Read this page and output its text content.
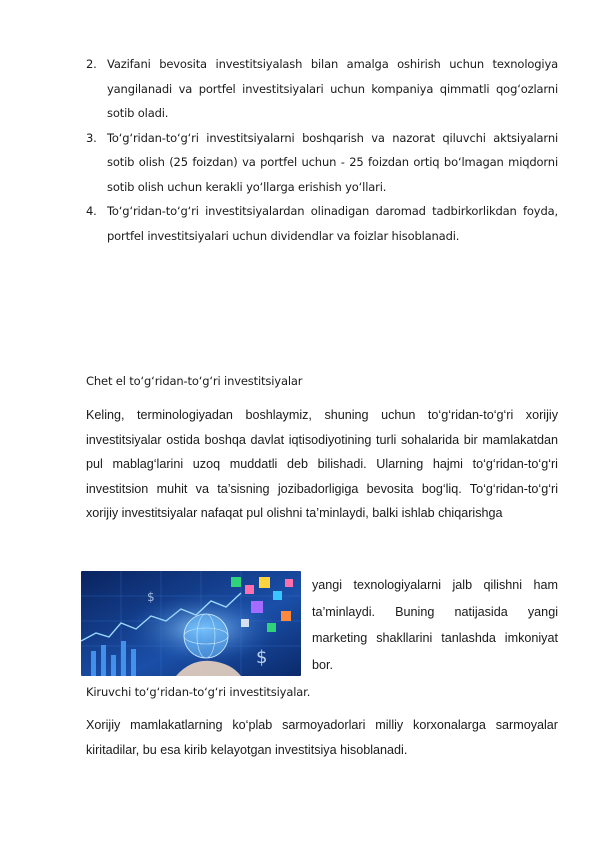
2. Vazifani bevosita investitsiyalash bilan amalga oshirish uchun texnologiya yangilanadi va portfel investitsiyalari uchun kompaniya qimmatli qog‘ozlarni sotib oladi.
3. To‘g‘ridan-to‘g‘ri investitsiyalarni boshqarish va nazorat qiluvchi aktsiyalarni sotib olish (25 foizdan) va portfel uchun - 25 foizdan ortiq bo‘lmagan miqdorni sotib olish uchun kerakli yo‘llarga erishish yo‘llari.
4. To‘g‘ridan-to‘g‘ri investitsiyalardan olinadigan daromad tadbirkorlikdan foyda, portfel investitsiyalari uchun dividendlar va foizlar hisoblanadi.
Chet el to‘g‘ridan-to‘g‘ri investitsiyalar
Keling, terminologiyadan boshlaymiz, shuning uchun to‘g‘ridan-to‘g‘ri xorijiy investitsiyalar ostida boshqa davlat iqtisodiyotining turli sohalarida bir mamlakatdan pul mablag‘larini uzoq muddatli deb bilishadi. Ularning hajmi to‘g‘ridan-to‘g‘ri investitsion muhit va ta’sisning jozibadorligiga bevosita bog‘liq. To‘g‘ridan-to‘g‘ri xorijiy investitsiyalar nafaqat pul olishni ta’minlaydi, balki ishlab chiqarishga
$
$
yangi texnologiyalarni jalb qilishni ham ta’minlaydi. Buning natijasida yangi marketing shakllarini tanlashda imkoniyat bor.
Kiruvchi to‘g‘ridan-to‘g‘ri investitsiyalar.
Xorijiy mamlakatlarning ko‘plab sarmoyadorlari milliy korxonalarga sarmoyalar kiritadilar, bu esa kirib kelayotgan investitsiya hisoblanadi.
